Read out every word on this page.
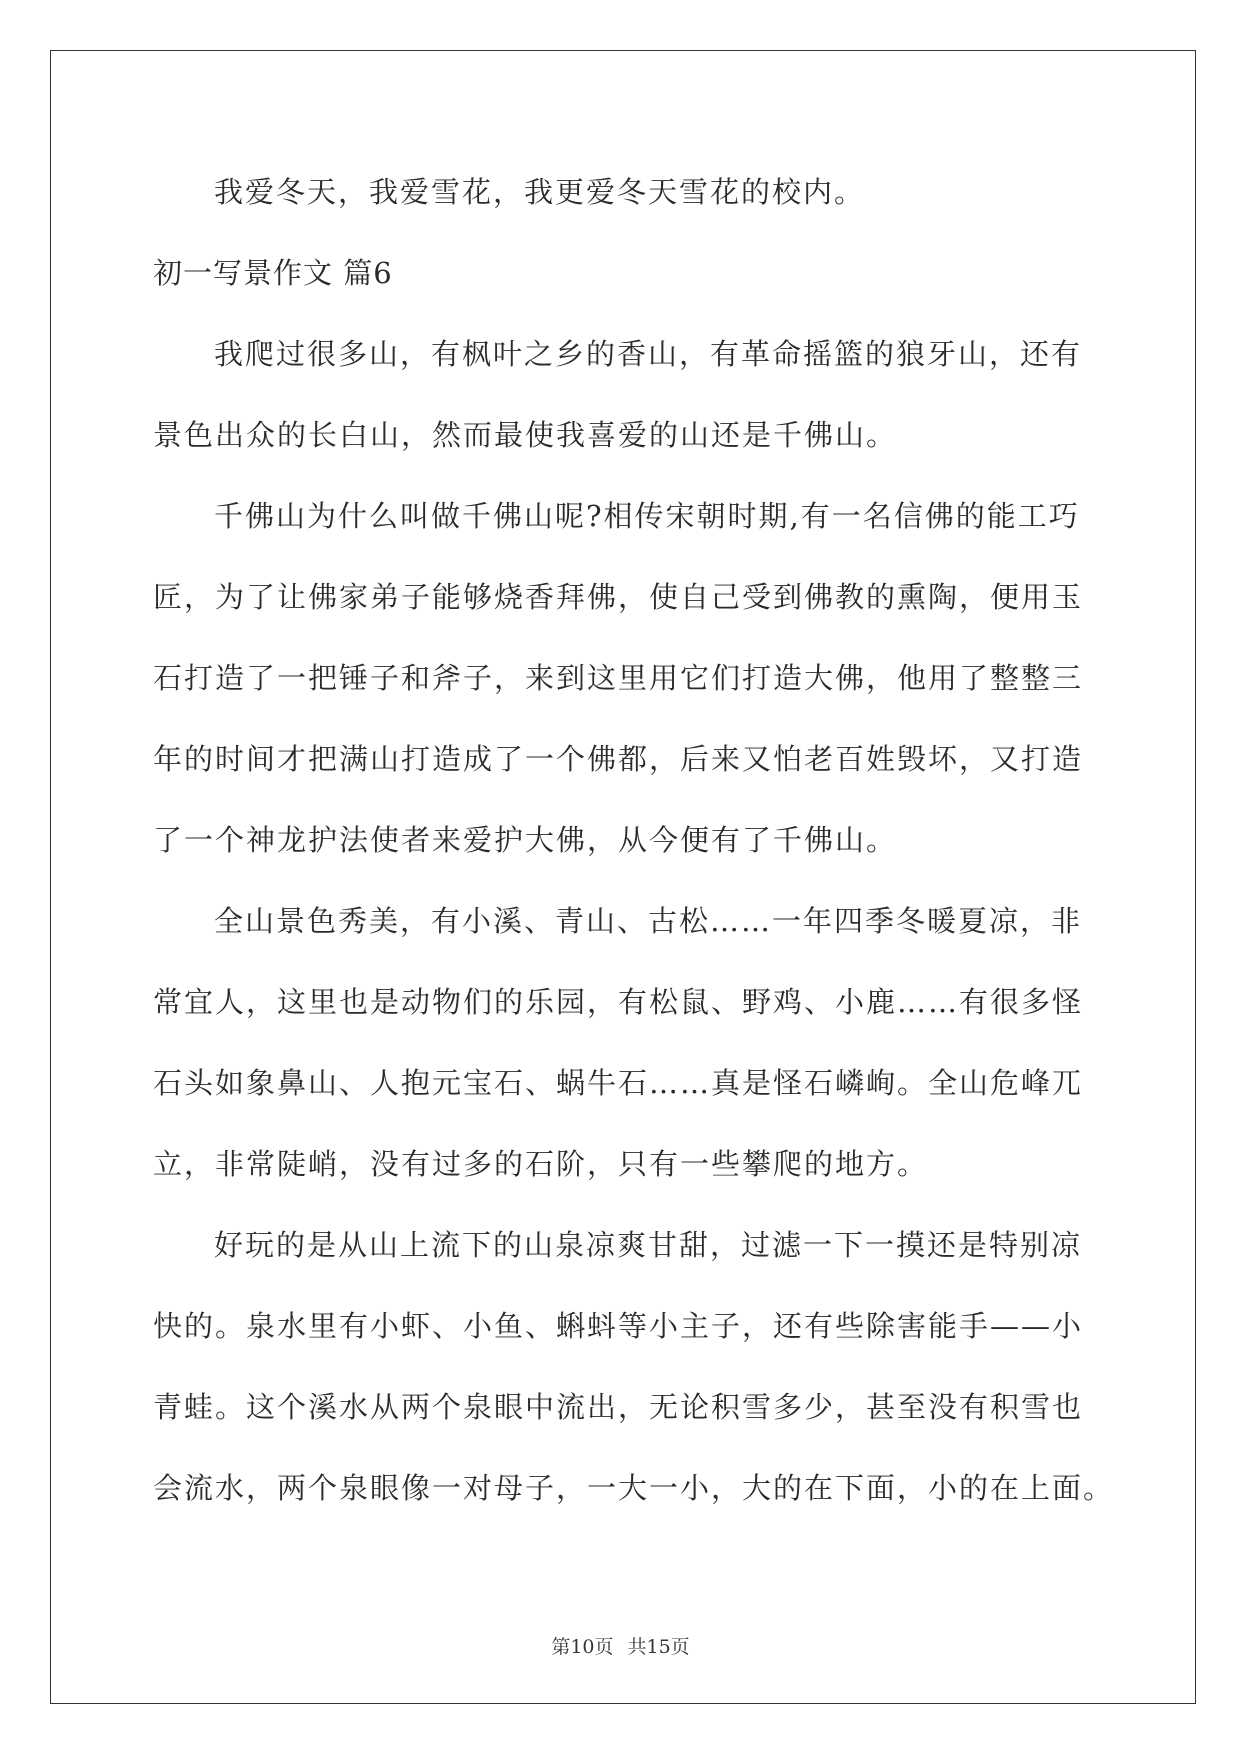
我爱冬天，我爱雪花，我更爱冬天雪花的校内。
初一写景作文 篇6
我爬过很多山，有枫叶之乡的香山，有革命摇篮的狼牙山，还有
景色出众的长白山，然而最使我喜爱的山还是千佛山。
千佛山为什么叫做千佛山呢?相传宋朝时期,有一名信佛的能工巧
匠，为了让佛家弟子能够烧香拜佛，使自己受到佛教的熏陶，便用玉
石打造了一把锤子和斧子，来到这里用它们打造大佛，他用了整整三
年的时间才把满山打造成了一个佛都，后来又怕老百姓毁坏，又打造
了一个神龙护法使者来爱护大佛，从今便有了千佛山。
全山景色秀美，有小溪、青山、古松……一年四季冬暖夏凉，非
常宜人，这里也是动物们的乐园，有松鼠、野鸡、小鹿……有很多怪
石头如象鼻山、人抱元宝石、蜗牛石……真是怪石嶙峋。全山危峰兀
立，非常陡峭，没有过多的石阶，只有一些攀爬的地方。
好玩的是从山上流下的山泉凉爽甘甜，过滤一下一摸还是特别凉
快的。泉水里有小虾、小鱼、蝌蚪等小主子，还有些除害能手——小
青蛙。这个溪水从两个泉眼中流出，无论积雪多少，甚至没有积雪也
会流水，两个泉眼像一对母子，一大一小，大的在下面，小的在上面。
第10页 共15页
